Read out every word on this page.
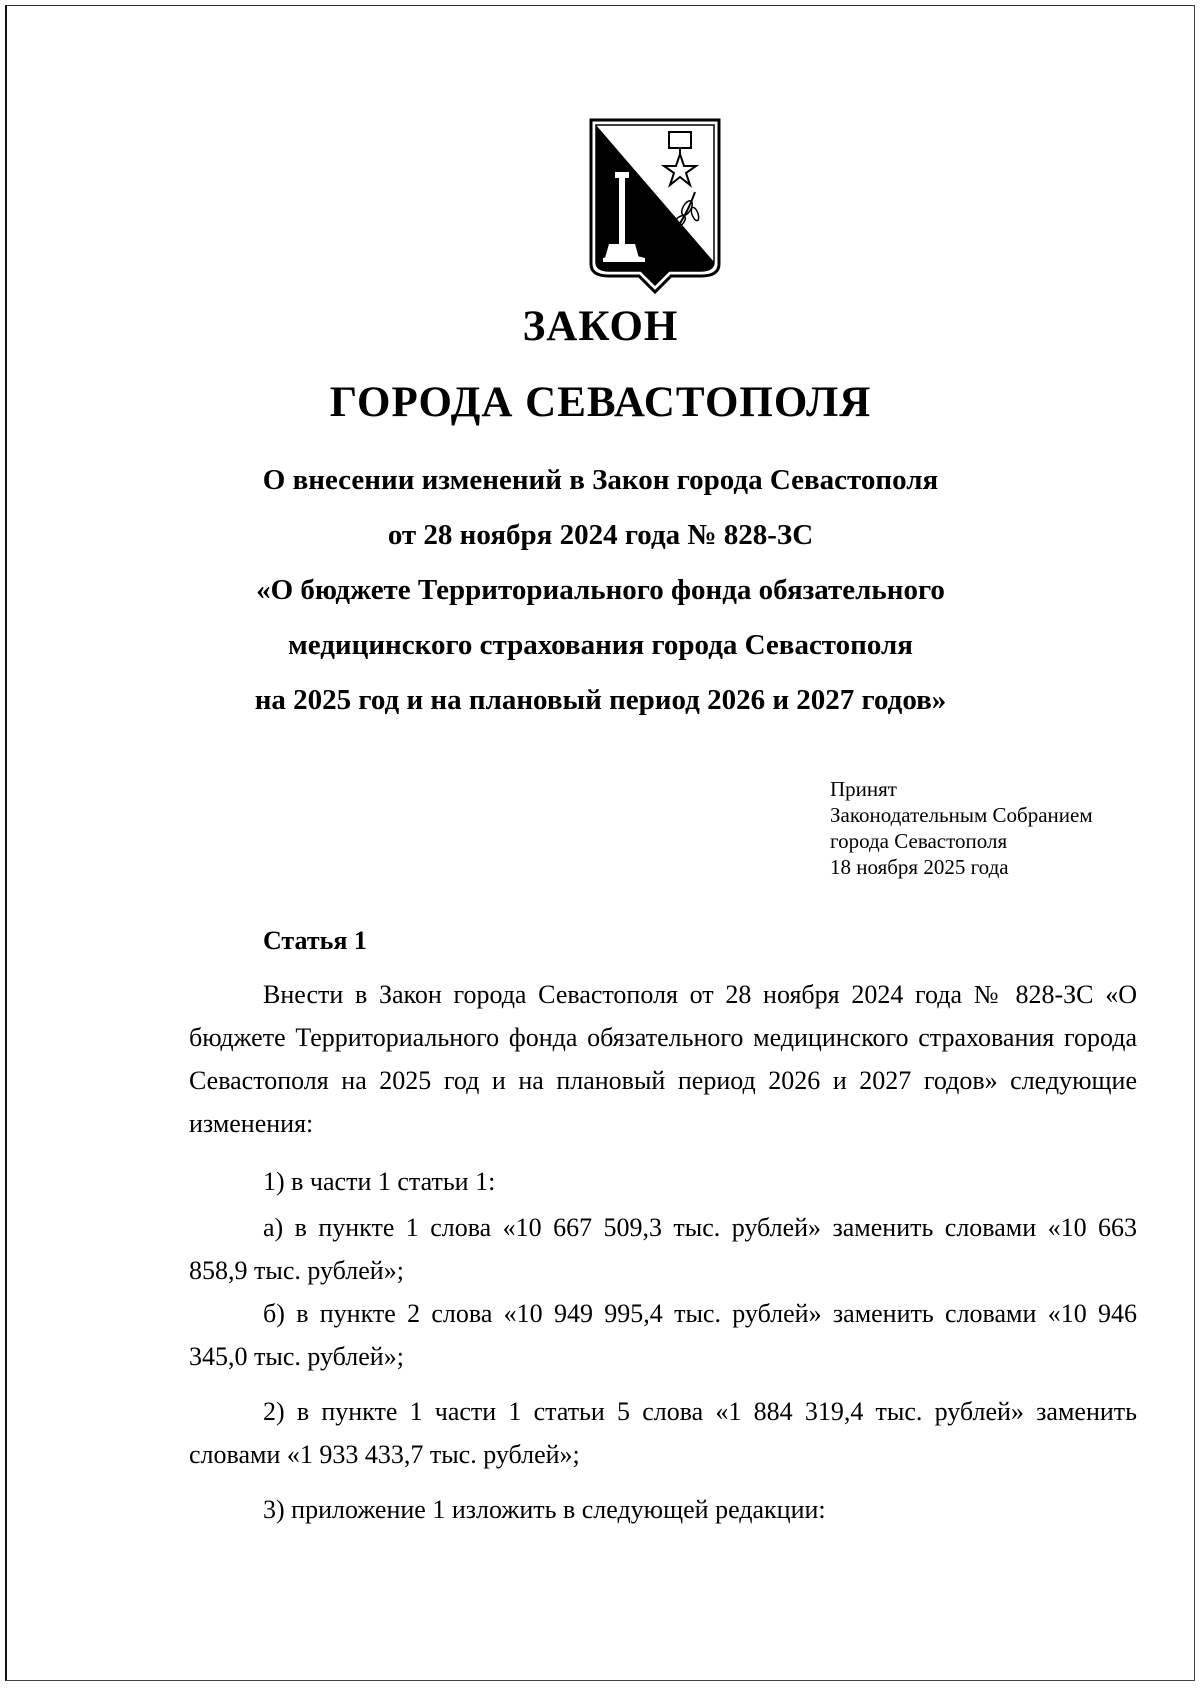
ЗАКОН
ГОРОДА СЕВАСТОПОЛЯ
О внесении изменений в Закон города Севастополя
от 28 ноября 2024 года № 828-ЗС
«О бюджете Территориального фонда обязательного
медицинского страхования города Севастополя
на 2025 год и на плановый период 2026 и 2027 годов»
Принят
Законодательным Собранием
города Севастополя
18 ноября 2025 года
Статья 1
Внести в Закон города Севастополя от 28 ноября 2024 года № 828-ЗС «О бюджете Территориального фонда обязательного медицинского страхования города Севастополя на 2025 год и на плановый период 2026 и 2027 годов» следующие изменения:
1) в части 1 статьи 1:
а) в пункте 1 слова «10 667 509,3 тыс. рублей» заменить словами «10 663 858,9 тыс. рублей»;
б) в пункте 2 слова «10 949 995,4 тыс. рублей» заменить словами «10 946 345,0 тыс. рублей»;
2) в пункте 1 части 1 статьи 5 слова «1 884 319,4 тыс. рублей» заменить словами «1 933 433,7 тыс. рублей»;
3) приложение 1 изложить в следующей редакции:
